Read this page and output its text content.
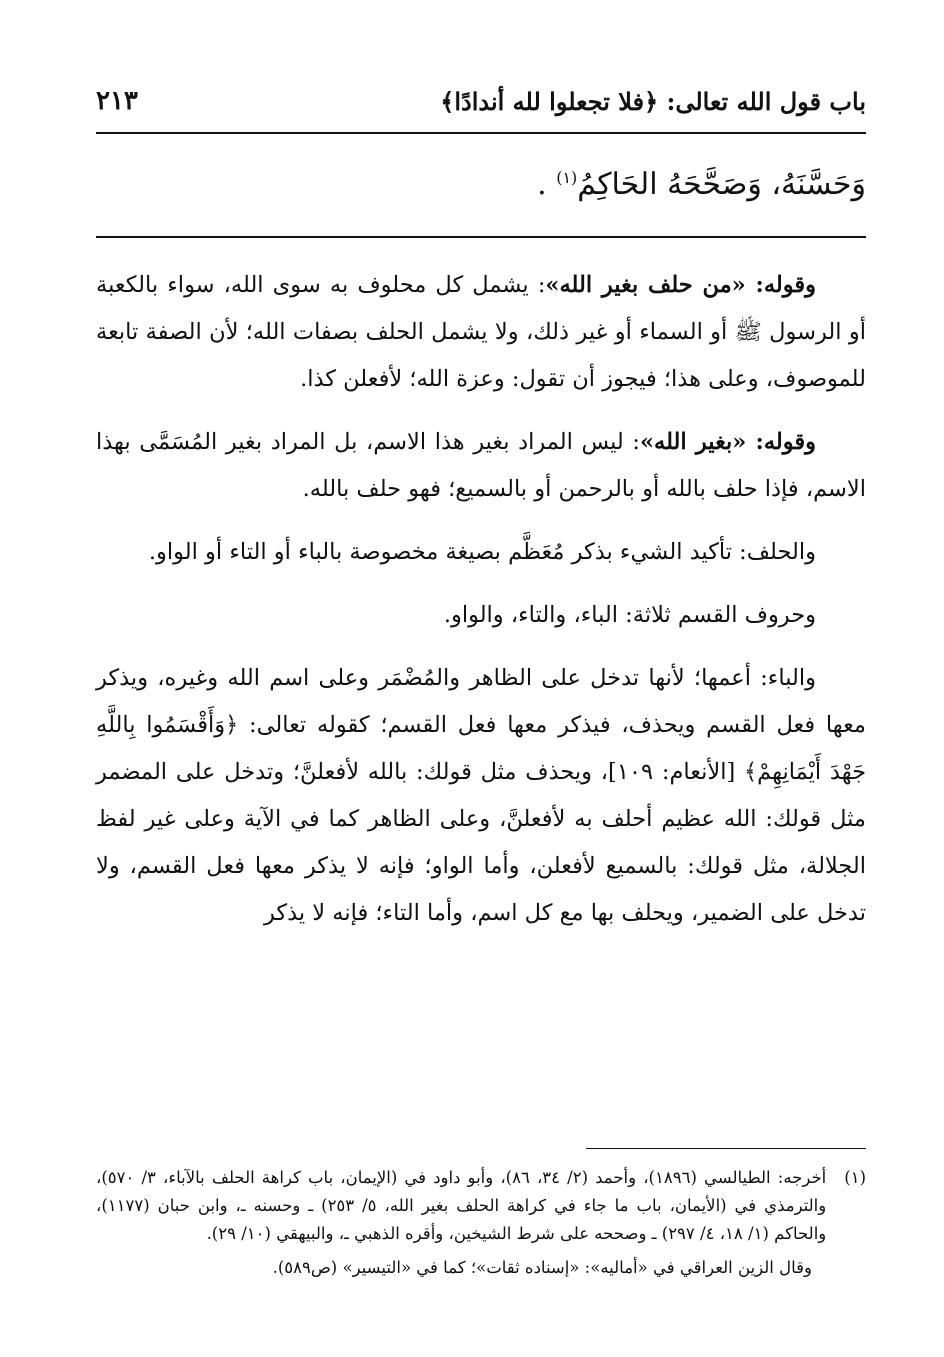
باب قول الله تعالى: ﴿فلا تجعلوا لله أندادًا﴾
٢١٣
وَحَسَّنَهُ، وَصَحَّحَهُ الحَاكِمُ$^{(١)}$ .

وقوله: «من حلف بغير الله»: يشمل كل محلوف به سوى الله، سواء بالكعبة أو الرسول ﷺ أو السماء أو غير ذلك، ولا يشمل الحلف بصفات الله؛ لأن الصفة تابعة للموصوف، وعلى هذا؛ فيجوز أن تقول: وعزة الله؛ لأفعلن كذا.

وقوله: «بغير الله»: ليس المراد بغير هذا الاسم، بل المراد بغير المُسَمَّى بهذا الاسم، فإذا حلف بالله أو بالرحمن أو بالسميع؛ فهو حلف بالله.

والحلف: تأكيد الشيء بذكر مُعَظَّم بصيغة مخصوصة بالباء أو التاء أو الواو.

وحروف القسم ثلاثة: الباء، والتاء، والواو.

والباء: أعمها؛ لأنها تدخل على الظاهر والمُضْمَر وعلى اسم الله وغيره، ويذكر معها فعل القسم ويحذف، فيذكر معها فعل القسم؛ كقوله تعالى: ﴿وَأَقْسَمُوا بِاللَّهِ جَهْدَ أَيْمَانِهِمْ﴾ [الأنعام: ١٠٩]، ويحذف مثل قولك: بالله لأفعلنَّ؛ وتدخل على المضمر مثل قولك: الله عظيم أحلف به لأفعلنَّ، وعلى الظاهر كما في الآية وعلى غير لفظ الجلالة، مثل قولك: بالسميع لأفعلن، وأما الواو؛ فإنه لا يذكر معها فعل القسم، ولا تدخل على الضمير، ويحلف بها مع كل اسم، وأما التاء؛ فإنه لا يذكر

(١)
أخرجه: الطيالسي (١٨٩٦)، وأحمد (٢/ ٣٤، ٨٦)، وأبو داود في (الإيمان، باب كراهة الحلف بالآباء، ٣/ ٥٧٠)، والترمذي في (الأيمان، باب ما جاء في كراهة الحلف بغير الله، ٥/ ٢٥٣) ـ وحسنه ـ، وابن حبان (١١٧٧)، والحاكم (١/ ١٨، ٤/ ٢٩٧) ـ وصححه على شرط الشيخين، وأقره الذهبي ـ، والبيهقي (١٠/ ٢٩).
وقال الزين العراقي في «أماليه»: «إسناده ثقات»؛ كما في «التيسير» (ص٥٨٩).
